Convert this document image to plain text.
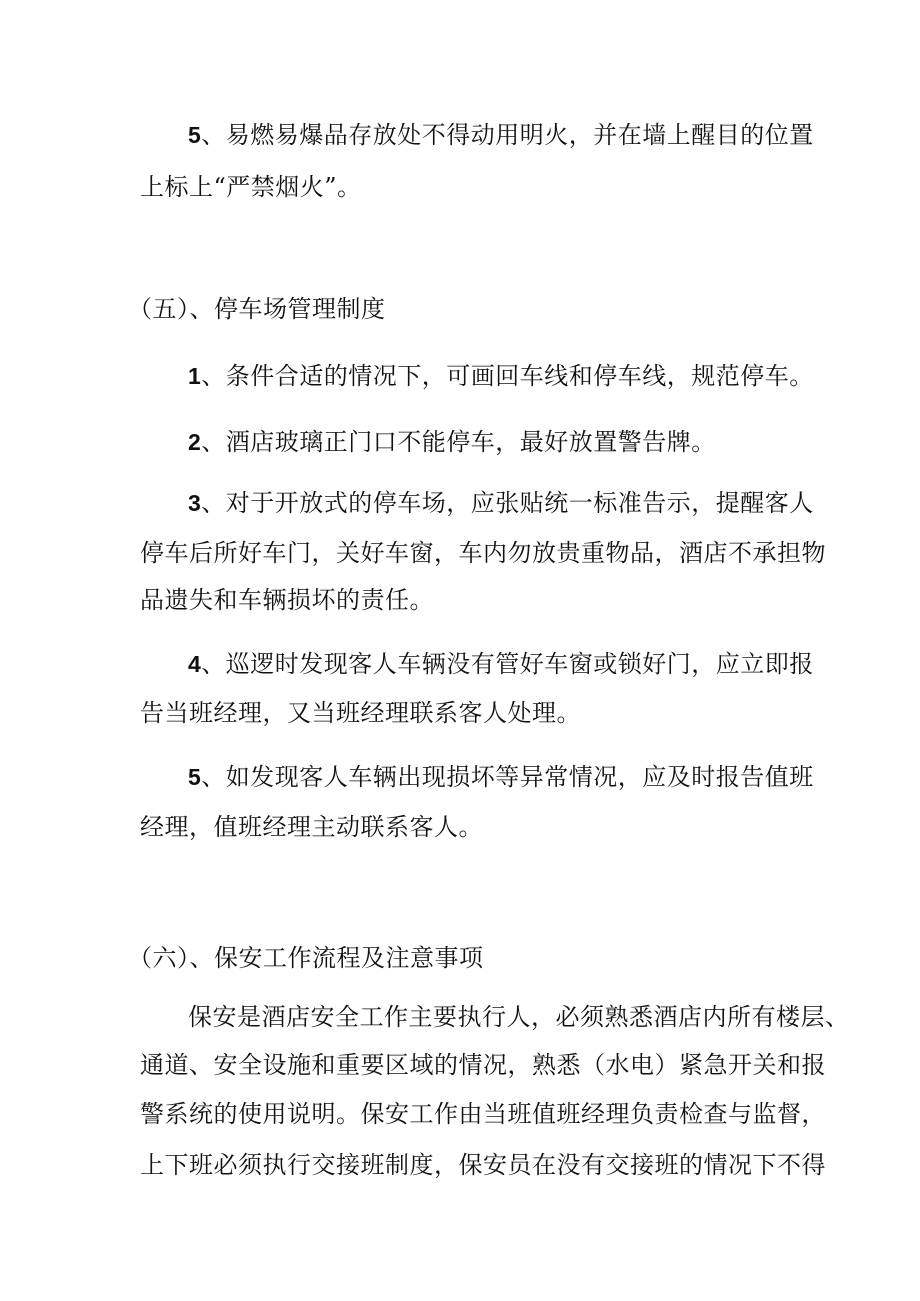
5、易燃易爆品存放处不得动用明火，并在墙上醒目的位置
上标上“严禁烟火”。
（五）、停车场管理制度
1、条件合适的情况下，可画回车线和停车线，规范停车。
2、酒店玻璃正门口不能停车，最好放置警告牌。
3、对于开放式的停车场，应张贴统一标准告示，提醒客人
停车后所好车门，关好车窗，车内勿放贵重物品，酒店不承担物
品遗失和车辆损坏的责任。
4、巡逻时发现客人车辆没有管好车窗或锁好门，应立即报
告当班经理，又当班经理联系客人处理。
5、如发现客人车辆出现损坏等异常情况，应及时报告值班
经理，值班经理主动联系客人。
（六）、保安工作流程及注意事项
保安是酒店安全工作主要执行人，必须熟悉酒店内所有楼层、
通道、安全设施和重要区域的情况，熟悉（水电）紧急开关和报
警系统的使用说明。保安工作由当班值班经理负责检查与监督，
上下班必须执行交接班制度，保安员在没有交接班的情况下不得
